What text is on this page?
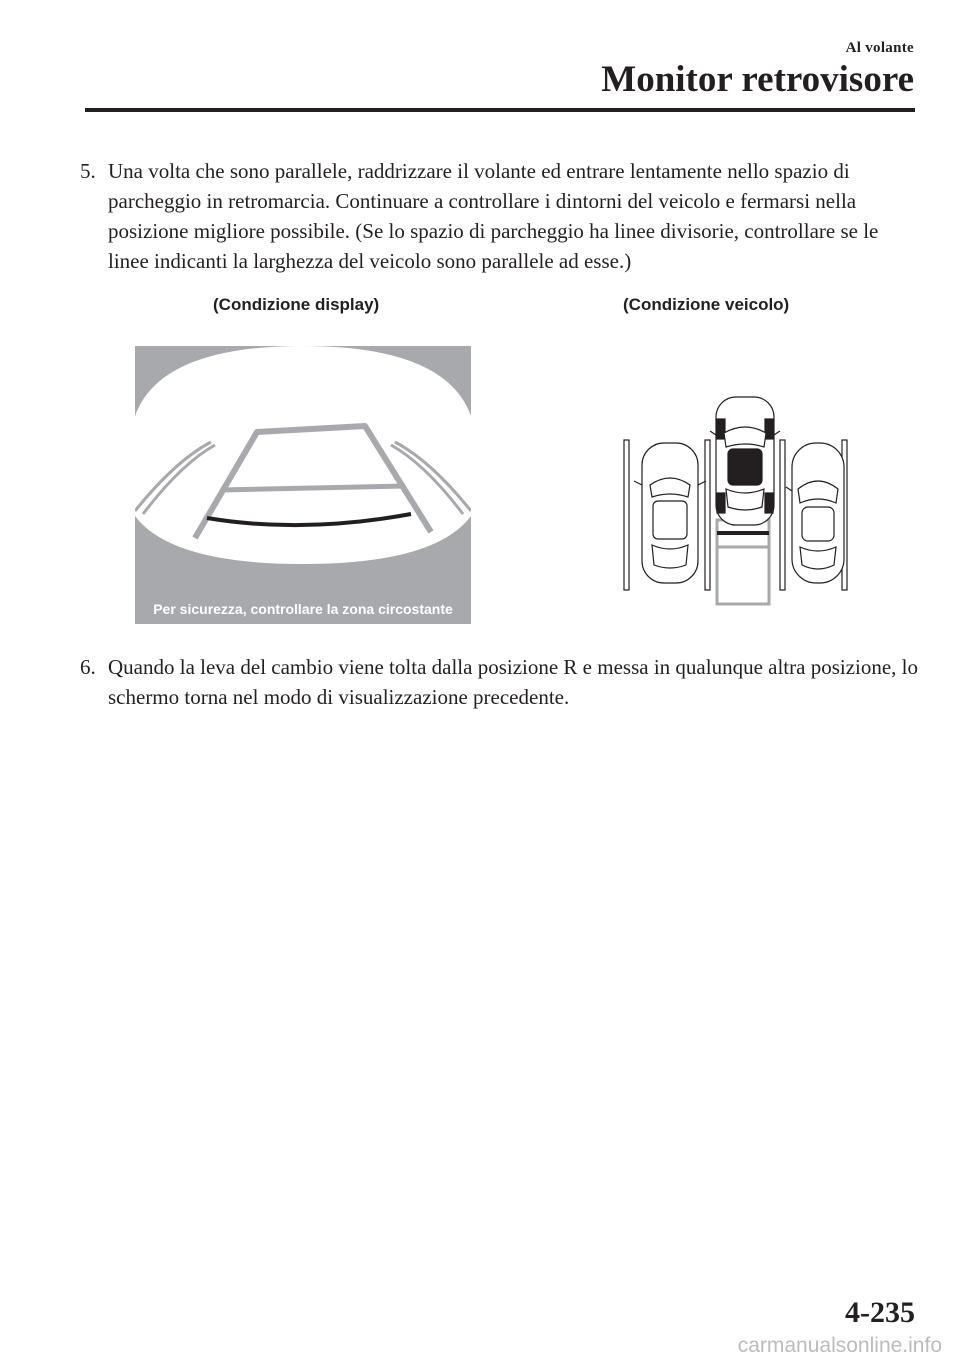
Al volante
Monitor retrovisore
5. Una volta che sono parallele, raddrizzare il volante ed entrare lentamente nello spazio di parcheggio in retromarcia. Continuare a controllare i dintorni del veicolo e fermarsi nella posizione migliore possibile. (Se lo spazio di parcheggio ha linee divisorie, controllare se le linee indicanti la larghezza del veicolo sono parallele ad esse.)
(Condizione display)	(Condizione veicolo)
Per sicurezza, controllare la zona circostante
6. Quando la leva del cambio viene tolta dalla posizione R e messa in qualunque altra posizione, lo schermo torna nel modo di visualizzazione precedente.
4-235
carmanualsonline.info
